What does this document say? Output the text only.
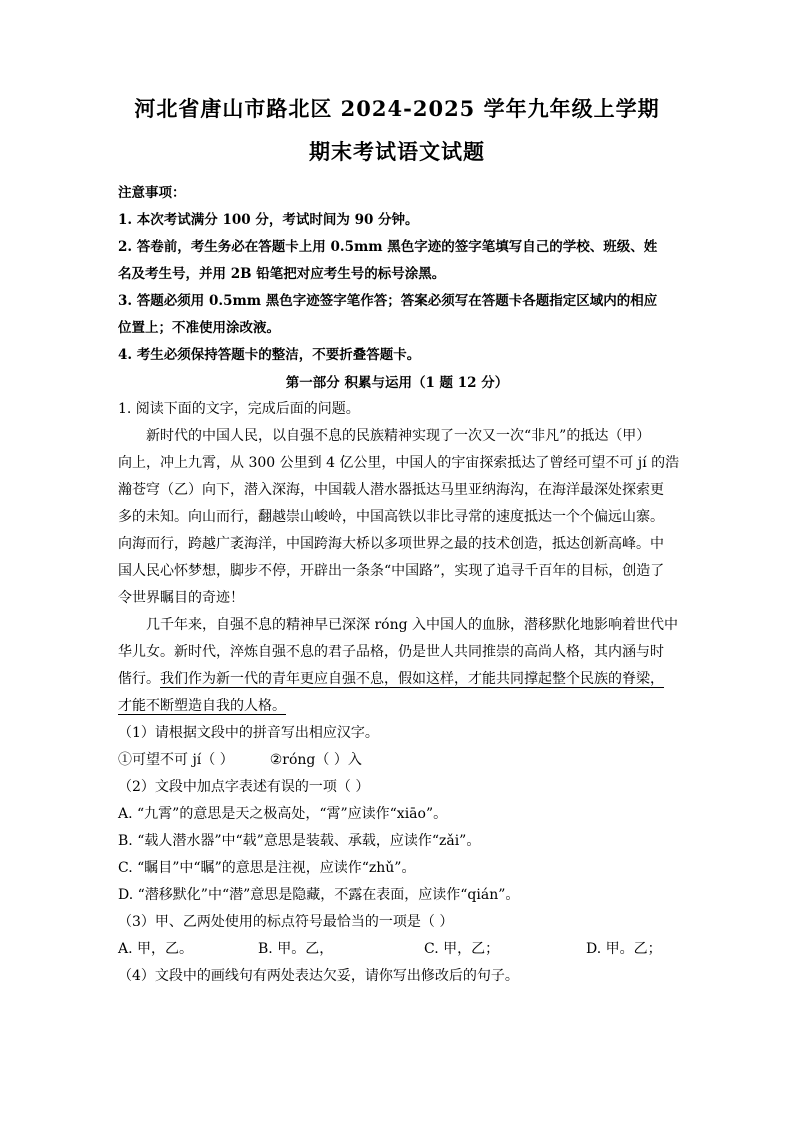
河北省唐山市路北区 2024-2025 学年九年级上学期
期末考试语文试题
注意事项：
1. 本次考试满分 100 分，考试时间为 90 分钟。
2. 答卷前，考生务必在答题卡上用 0.5mm 黑色字迹的签字笔填写自己的学校、班级、姓
名及考生号，并用 2B 铅笔把对应考生号的标号涂黑。
3. 答题必须用 0.5mm 黑色字迹签字笔作答；答案必须写在答题卡各题指定区域内的相应
位置上；不准使用涂改液。
4. 考生必须保持答题卡的整洁，不要折叠答题卡。
第一部分 积累与运用（1 题 12 分）
1. 阅读下面的文字，完成后面的问题。
新时代的中国人民，以自强不息的民族精神实现了一次又一次“非凡”的抵达（甲）
向上，冲上九霄，从 300 公里到 4 亿公里，中国人的宇宙探索抵达了曾经可望不可 jí 的浩
瀚苍穹（乙）向下，潜入深海，中国载人潜水器抵达马里亚纳海沟，在海洋最深处探索更
多的未知。向山而行，翻越崇山峻岭，中国高铁以非比寻常的速度抵达一个个偏远山寨。
向海而行，跨越广袤海洋，中国跨海大桥以多项世界之最的技术创造，抵达创新高峰。中
国人民心怀梦想，脚步不停，开辟出一条条“中国路”，实现了追寻千百年的目标，创造了
令世界瞩目的奇迹！
几千年来，自强不息的精神早已深深 róng 入中国人的血脉，潜移默化地影响着世代中
华儿女。新时代，淬炼自强不息的君子品格，仍是世人共同推崇的高尚人格，其内涵与时
偕行。我们作为新一代的青年更应自强不息，假如这样，才能共同撑起整个民族的脊梁，
才能不断塑造自我的人格。
（1）请根据文段中的拼音写出相应汉字。
①可望不可 jí（ ）	②róng（ ）入
（2）文段中加点字表述有误的一项（ ）
A. “九霄”的意思是天之极高处，“霄”应读作“xiāo”。
B. “载人潜水器”中“载”意思是装载、承载，应读作“zǎi”。
C. “瞩目”中“瞩”的意思是注视，应读作“zhǔ”。
D. “潜移默化”中“潜”意思是隐藏，不露在表面，应读作“qián”。
（3）甲、乙两处使用的标点符号最恰当的一项是（ ）
A. 甲，乙。	B. 甲。乙，	C. 甲，乙；	D. 甲。乙；
（4）文段中的画线句有两处表达欠妥，请你写出修改后的句子。
